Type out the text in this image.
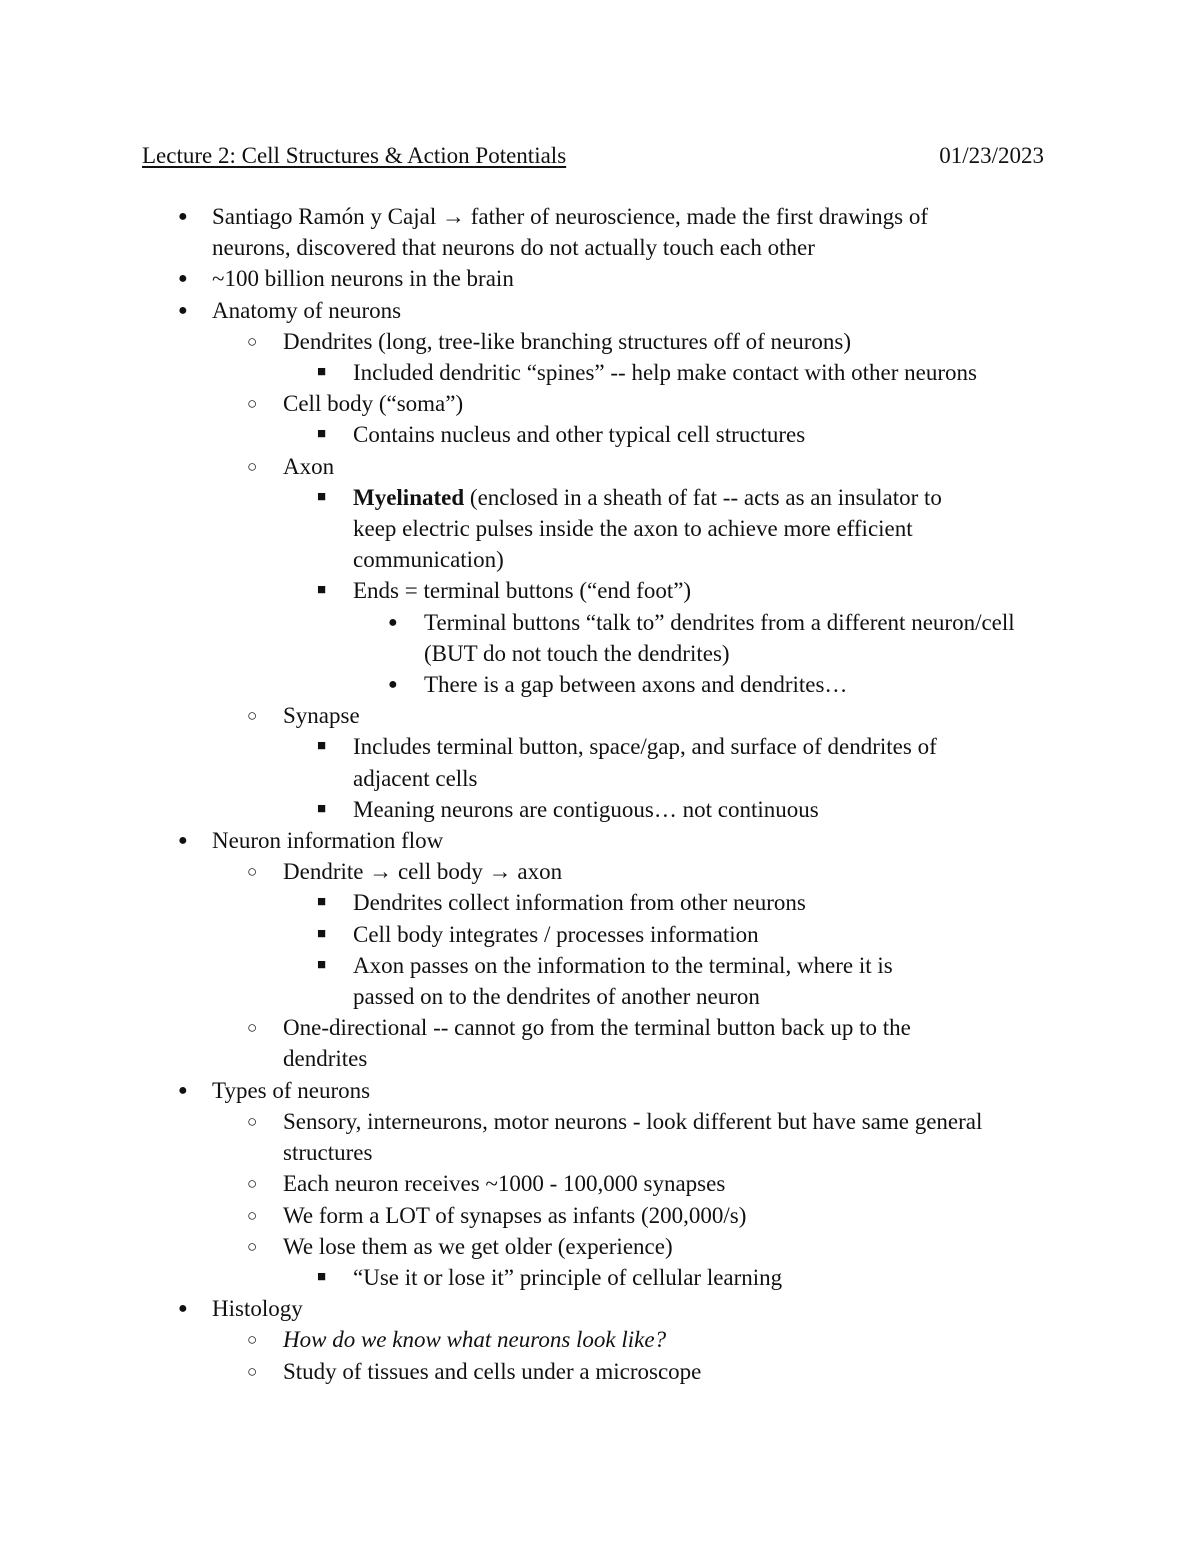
Lecture 2: Cell Structures & Action Potentials	01/23/2023
● Santiago Ramón y Cajal → father of neuroscience, made the first drawings of neurons, discovered that neurons do not actually touch each other
● ~100 billion neurons in the brain
● Anatomy of neurons
○ Dendrites (long, tree-like branching structures off of neurons)
■ Included dendritic “spines” -- help make contact with other neurons
○ Cell body (“soma”)
■ Contains nucleus and other typical cell structures
○ Axon
■ Myelinated (enclosed in a sheath of fat -- acts as an insulator to keep electric pulses inside the axon to achieve more efficient communication)
■ Ends = terminal buttons (“end foot”)
● Terminal buttons “talk to” dendrites from a different neuron/cell (BUT do not touch the dendrites)
● There is a gap between axons and dendrites…
○ Synapse
■ Includes terminal button, space/gap, and surface of dendrites of adjacent cells
■ Meaning neurons are contiguous… not continuous
● Neuron information flow
○ Dendrite → cell body → axon
■ Dendrites collect information from other neurons
■ Cell body integrates / processes information
■ Axon passes on the information to the terminal, where it is passed on to the dendrites of another neuron
○ One-directional -- cannot go from the terminal button back up to the dendrites
● Types of neurons
○ Sensory, interneurons, motor neurons - look different but have same general structures
○ Each neuron receives ~1000 - 100,000 synapses
○ We form a LOT of synapses as infants (200,000/s)
○ We lose them as we get older (experience)
■ “Use it or lose it” principle of cellular learning
● Histology
○ How do we know what neurons look like?
○ Study of tissues and cells under a microscope
